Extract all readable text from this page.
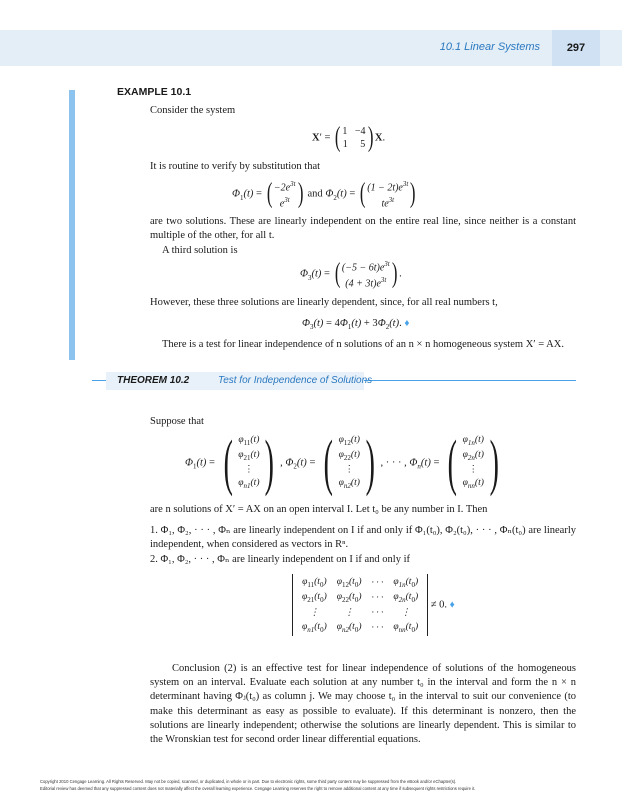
10.1 Linear Systems	297
EXAMPLE 10.1
Consider the system
X′ = ( 1   −4
1     5) X.
It is routine to verify by substitution that
$\Phi_1(t)$ = ( $-2e^{3t}$
$e^{3t}$ ) and $\Phi_2(t)$ = ( $(1 - 2t)e^{3t}$
$te^{3t}$ )
are two solutions. These are linearly independent on the entire real line, since neither is a constant multiple of the other, for all t.
A third solution is
$\Phi_3(t)$ = ( $(-5 - 6t)e^{3t}$
$(4 + 3t)e^{3t}$ ) .
However, these three solutions are linearly dependent, since, for all real numbers t,
$\Phi_3(t) = 4\Phi_1(t) + 3\Phi_2(t)$. ♦
There is a test for linear independence of n solutions of an n × n homogeneous system X′ = AX.
THEOREM 10.2	Test for Independence of Solutions
Suppose that
$\Phi_1(t)$ = ( $\varphi_{11}(t)$
$\varphi_{21}(t)$
⋮
$\varphi_{n1}(t)$) , $\Phi_2(t)$ = ( $\varphi_{12}(t)$
$\varphi_{22}(t)$
⋮
$\varphi_{n2}(t)$) , · · · , $\Phi_n(t)$ = ( $\varphi_{1n}(t)$
$\varphi_{2n}(t)$
⋮
$\varphi_{nn}(t)$)
are n solutions of X′ = AX on an open interval I. Let t₀ be any number in I. Then
1. Φ₁, Φ₂, · · · , Φₙ are linearly independent on I if and only if Φ₁(t₀), Φ₂(t₀), · · · , Φₙ(t₀) are linearly independent, when considered as vectors in Rⁿ.
2. Φ₁, Φ₂, · · · , Φₙ are linearly independent on I if and only if
$\varphi_{11}(t_0)$	$\varphi_{12}(t_0)$	· · ·	$\varphi_{1n}(t_0)$
$\varphi_{21}(t_0)$	$\varphi_{22}(t_0)$	· · ·	$\varphi_{2n}(t_0)$
⋮	⋮	· · ·	⋮
$\varphi_{n1}(t_0)$	$\varphi_{n2}(t_0)$	· · ·	$\varphi_{nn}(t_0)$
≠ 0. ♦
Conclusion (2) is an effective test for linear independence of solutions of the homogeneous system on an interval. Evaluate each solution at any number t₀ in the interval and form the n × n determinant having Φⱼ(t₀) as column j. We may choose t₀ in the interval to suit our convenience (to make this determinant as easy as possible to evaluate). If this determinant is nonzero, then the solutions are linearly independent; otherwise the solutions are linearly dependent. This is similar to the Wronskian test for second order linear differential equations.
Copyright 2010 Cengage Learning. All Rights Reserved. May not be copied, scanned, or duplicated, in whole or in part. Due to electronic rights, some third party content may be suppressed from the eBook and/or eChapter(s).
Editorial review has deemed that any suppressed content does not materially affect the overall learning experience. Cengage Learning reserves the right to remove additional content at any time if subsequent rights restrictions require it.
